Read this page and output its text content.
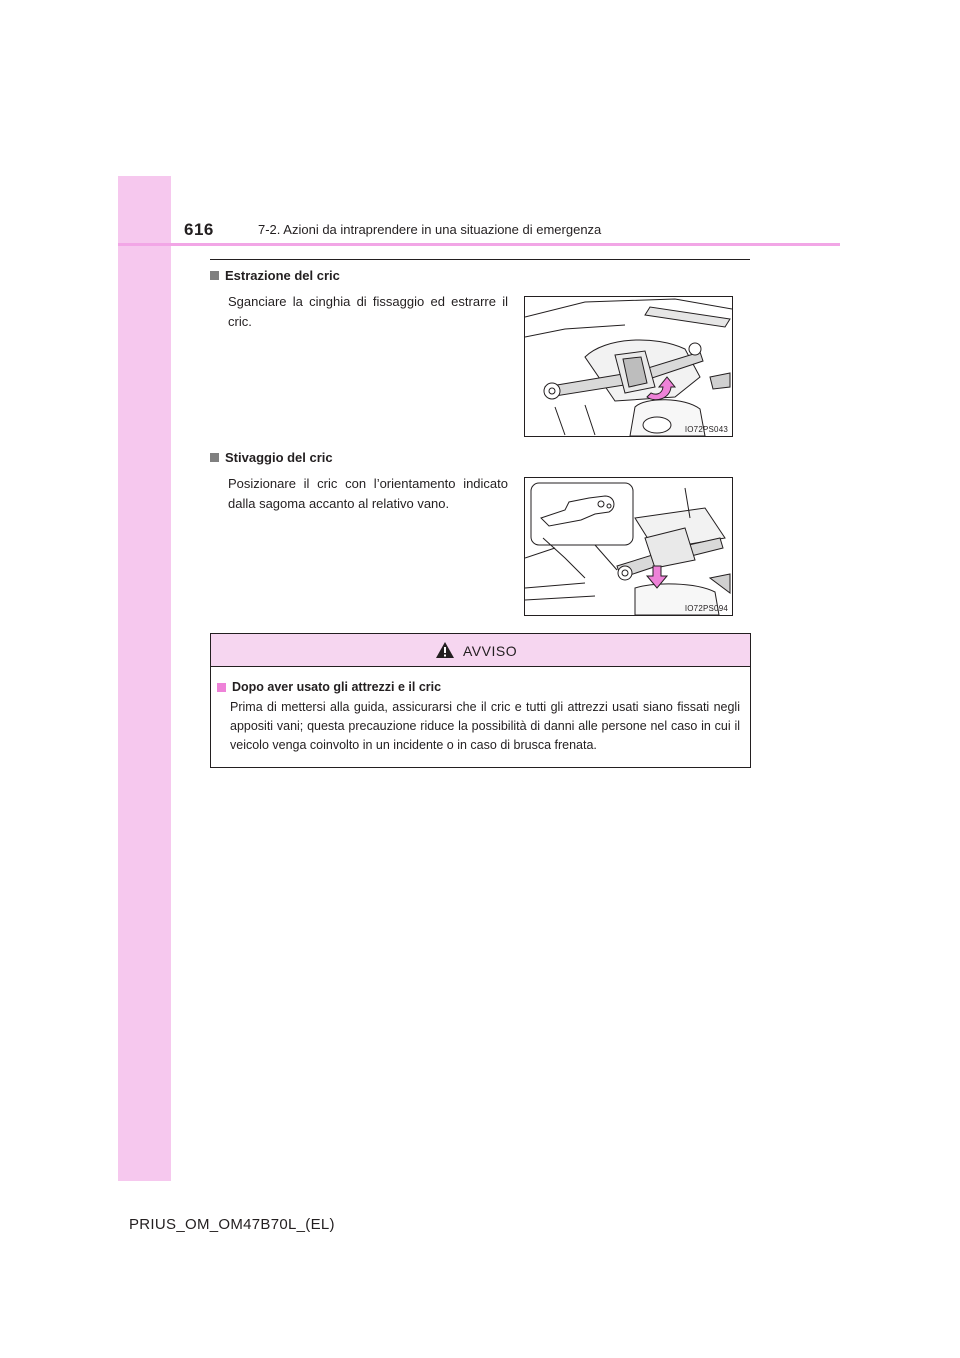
616	7-2. Azioni da intraprendere in una situazione di emergenza
Estrazione del cric
Sganciare la cinghia di fissaggio ed estrarre il cric.
IO72PS043
Stivaggio del cric
Posizionare il cric con l’orientamento indicato dalla sagoma accanto al relativo vano.
IO72PS094
AVVISO
Dopo aver usato gli attrezzi e il cric
Prima di mettersi alla guida, assicurarsi che il cric e tutti gli attrezzi usati siano fissati negli appositi vani; questa precauzione riduce la possibilità di danni alle persone nel caso in cui il veicolo venga coinvolto in un incidente o in caso di brusca frenata.
PRIUS_OM_OM47B70L_(EL)
